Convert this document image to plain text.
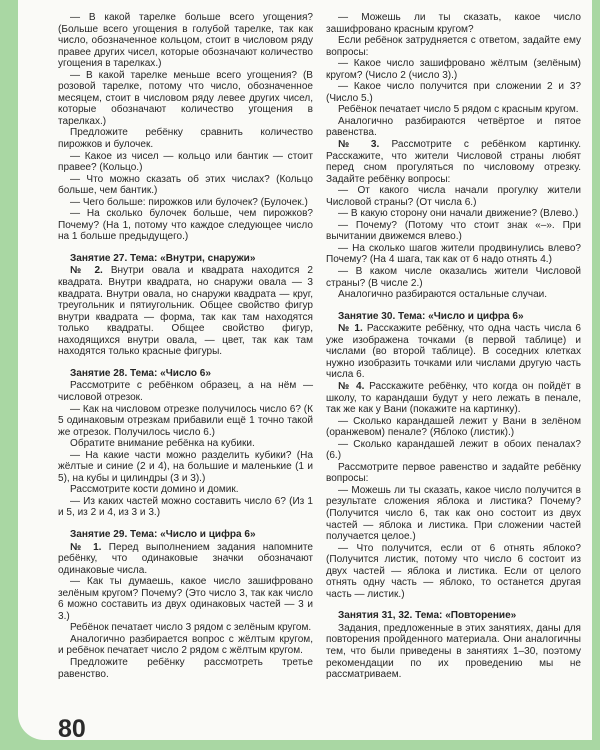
— В какой тарелке больше всего угощения? (Больше всего угощения в голубой тарелке, так как число, обозначенное кольцом, стоит в числовом ряду правее других чисел, которые обозначают количество угощения в тарелках.)

— В какой тарелке меньше всего угощения? (В розовой тарелке, потому что число, обозначенное месяцем, стоит в числовом ряду левее других чисел, которые обозначают количество угощения в тарелках.)

Предложите ребёнку сравнить количество пирожков и булочек.

— Какое из чисел — кольцо или бантик — стоит правее? (Кольцо.)

— Что можно сказать об этих числах? (Кольцо больше, чем бантик.)

— Чего больше: пирожков или булочек? (Булочек.)

— На сколько булочек больше, чем пирожков? Почему? (На 1, потому что каждое следующее число на 1 больше предыдущего.)

Занятие 27. Тема: «Внутри, снаружи»

№ 2. Внутри овала и квадрата находится 2 квадрата. Внутри квадрата, но снаружи овала — 3 квадрата. Внутри овала, но снаружи квадрата — круг, треугольник и пятиугольник. Общее свойство фигур внутри квадрата — форма, так как там находятся только квадраты. Общее свойство фигур, находящихся внутри овала, — цвет, так как там находятся только красные фигуры.

Занятие 28. Тема: «Число 6»

Рассмотрите с ребёнком образец, а на нём — числовой отрезок.

— Как на числовом отрезке получилось число 6? (К 5 одинаковым отрезкам прибавили ещё 1 точно такой же отрезок. Получилось число 6.)

Обратите внимание ребёнка на кубики.

— На какие части можно разделить кубики? (На жёлтые и синие (2 и 4), на большие и маленькие (1 и 5), на кубы и цилиндры (3 и 3).)

Рассмотрите кости домино и домик.

— Из каких частей можно составить число 6? (Из 1 и 5, из 2 и 4, из 3 и 3.)

Занятие 29. Тема: «Число и цифра 6»

№ 1. Перед выполнением задания напомните ребёнку, что одинаковые значки обозначают одинаковые числа.

— Как ты думаешь, какое число зашифровано зелёным кругом? Почему? (Это число 3, так как число 6 можно составить из двух одинаковых частей — 3 и 3.)

Ребёнок печатает число 3 рядом с зелёным кругом.

Аналогично разбирается вопрос с жёлтым кругом, и ребёнок печатает число 2 рядом с жёлтым кругом.

Предложите ребёнку рассмотреть третье равенство.

— Можешь ли ты сказать, какое число зашифровано красным кругом?

Если ребёнок затрудняется с ответом, задайте ему вопросы:

— Какое число зашифровано жёлтым (зелёным) кругом? (Число 2 (число 3).)

— Какое число получится при сложении 2 и 3? (Число 5.)

Ребёнок печатает число 5 рядом с красным кругом.

Аналогично разбираются четвёртое и пятое равенства.

№ 3. Рассмотрите с ребёнком картинку. Расскажите, что жители Числовой страны любят перед сном прогуляться по числовому отрезку. Задайте ребёнку вопросы:

— От какого числа начали прогулку жители Числовой страны? (От числа 6.)

— В какую сторону они начали движение? (Влево.)

— Почему? (Потому что стоит знак «–». При вычитании движемся влево.)

— На сколько шагов жители продвинулись влево? Почему? (На 4 шага, так как от 6 надо отнять 4.)

— В каком числе оказались жители Числовой страны? (В числе 2.)

Аналогично разбираются остальные случаи.

Занятие 30. Тема: «Число и цифра 6»

№ 1. Расскажите ребёнку, что одна часть числа 6 уже изображена точками (в первой таблице) и числами (во второй таблице). В соседних клетках нужно изобразить точками или числами другую часть числа 6.

№ 4. Расскажите ребёнку, что когда он пойдёт в школу, то карандаши будут у него лежать в пенале, так же как у Вани (покажите на картинку).

— Сколько карандашей лежит у Вани в зелёном (оранжевом) пенале? (Яблоко (листик).)

— Сколько карандашей лежит в обоих пеналах? (6.)

Рассмотрите первое равенство и задайте ребёнку вопросы:

— Можешь ли ты сказать, какое число получится в результате сложения яблока и листика? Почему? (Получится число 6, так как оно состоит из двух частей — яблока и листика. При сложении частей получается целое.)

— Что получится, если от 6 отнять яблоко? (Получится листик, потому что число 6 состоит из двух частей — яблока и листика. Если от целого отнять одну часть — яблоко, то останется другая часть — листик.)

Занятия 31, 32. Тема: «Повторение»

Задания, предложенные в этих занятиях, даны для повторения пройденного материала. Они аналогичны тем, что были приведены в занятиях 1–30, поэтому рекомендации по их проведению мы не рассматриваем.

80
